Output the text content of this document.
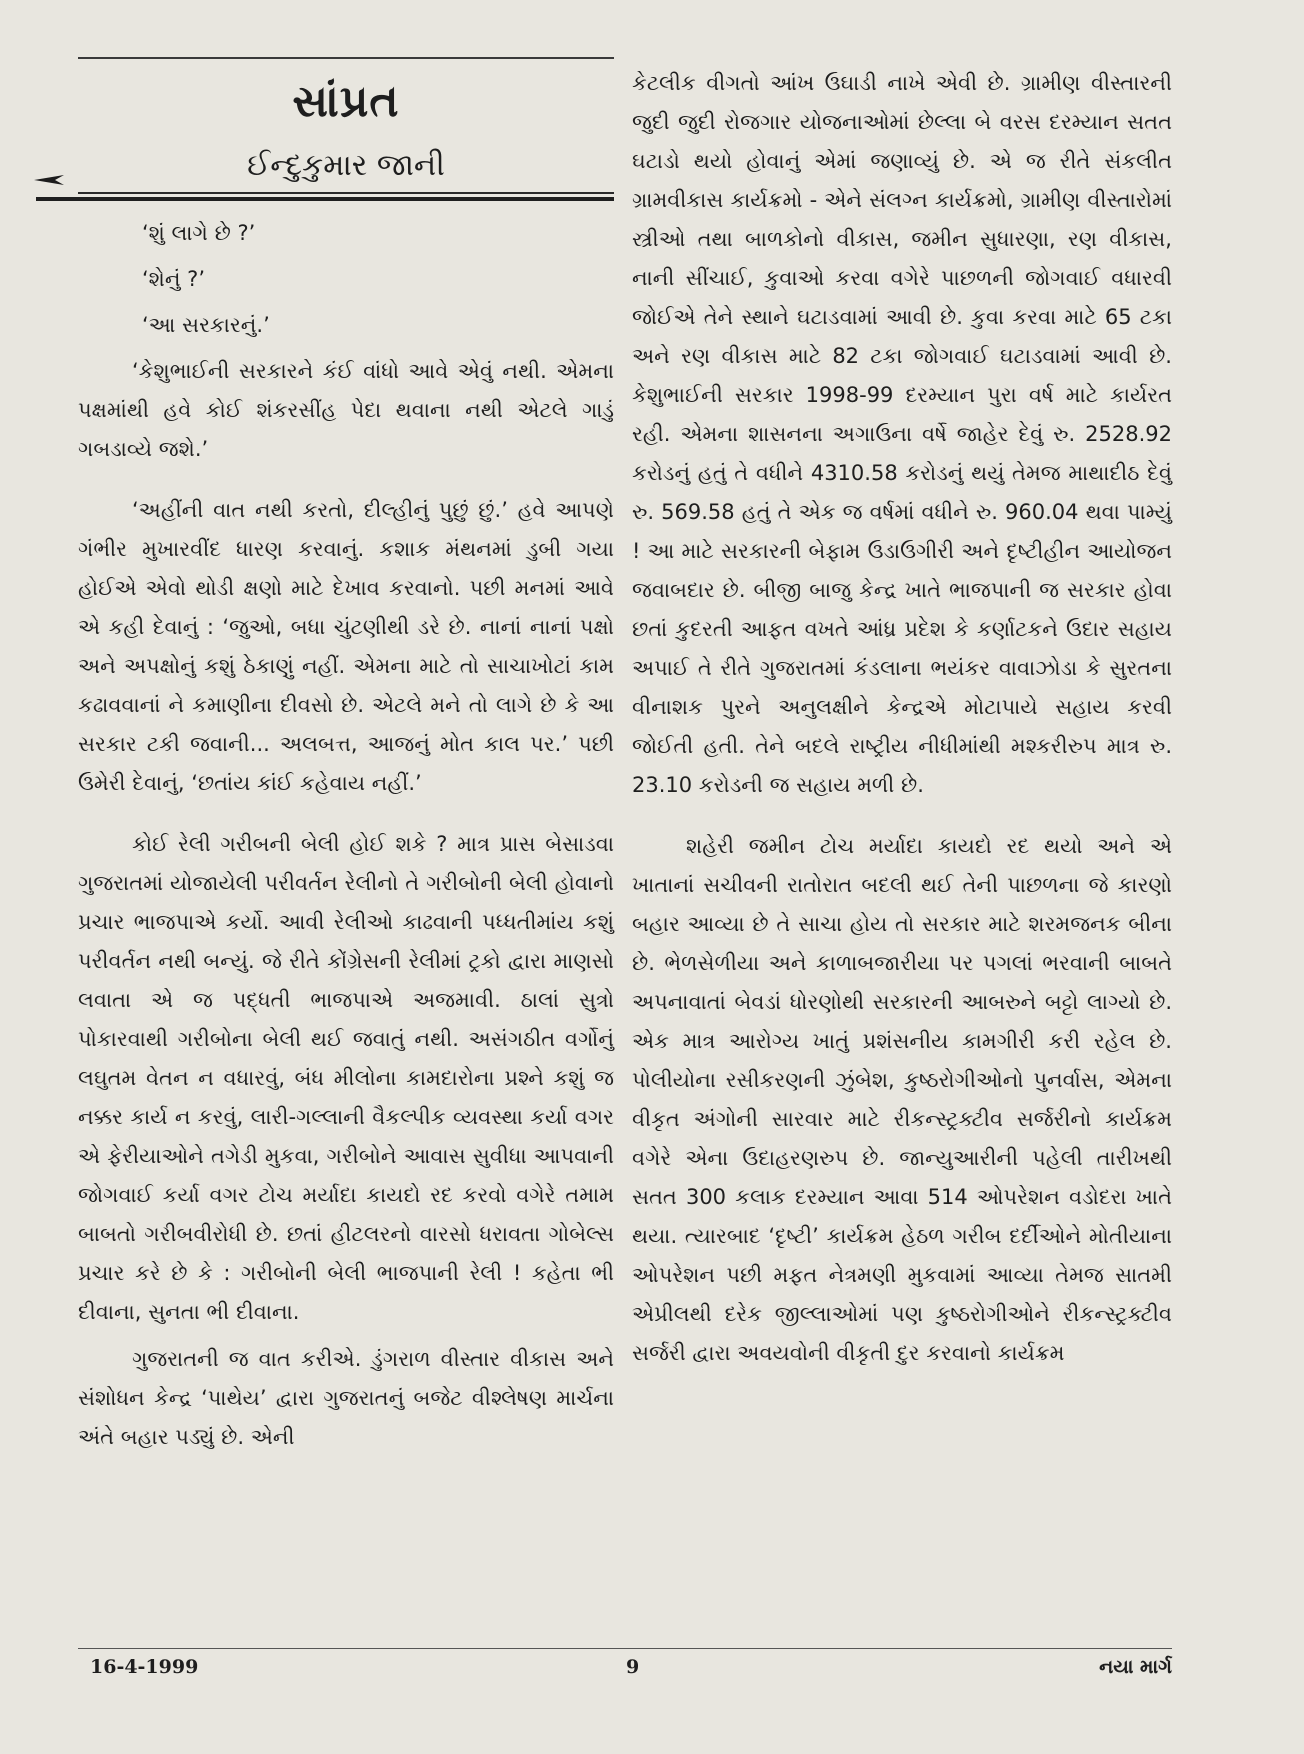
સાંપ્રત
ઈન્દુકુમાર જાની

‘શું લાગે છે ?’

‘શેનું ?’

‘આ સરકારનું.’

‘કેશુભાઈની સરકારને કંઈ વાંધો આવે એવું નથી. એમના પક્ષમાંથી હવે કોઈ શંકરસીંહ પેદા થવાના નથી એટલે ગાડું ગબડાવ્યે જશે.’

‘અહીંની વાત નથી કરતો, દીલ્હીનું પુછું છું.’ હવે આપણે ગંભીર મુખારવીંદ ધારણ કરવાનું. કશાક મંથનમાં ડુબી ગયા હોઈએ એવો થોડી ક્ષણો માટે દેખાવ કરવાનો. પછી મનમાં આવે એ કહી દેવાનું : ‘જુઓ, બધા ચુંટણીથી ડરે છે. નાનાં નાનાં પક્ષો અને અપક્ષોનું કશું ઠેકાણું નહીં. એમના માટે તો સાચાખોટાં કામ કઢાવવાનાં ને કમાણીના દીવસો છે. એટલે મને તો લાગે છે કે આ સરકાર ટકી જવાની... અલબત્ત, આજનું મોત કાલ પર.’ પછી ઉમેરી દેવાનું, ‘છતાંય કાંઈ કહેવાય નહીં.’

કોઈ રેલી ગરીબની બેલી હોઈ શકે ? માત્ર પ્રાસ બેસાડવા ગુજરાતમાં યોજાયેલી પરીવર્તન રેલીનો તે ગરીબોની બેલી હોવાનો પ્રચાર ભાજપાએ કર્યો. આવી રેલીઓ કાઢવાની પધ્ધતીમાંય કશું પરીવર્તન નથી બન્યું. જે રીતે કોંગ્રેસની રેલીમાં ટ્રકો દ્વારા માણસો લવાતા એ જ પદ્ધતી ભાજપાએ અજમાવી. ઠાલાં સુત્રો પોકારવાથી ગરીબોના બેલી થઈ જવાતું નથી. અસંગઠીત વર્ગોનું લઘુતમ વેતન ન વધારવું, બંધ મીલોના કામદારોના પ્રશ્ને કશું જ નક્કર કાર્ય ન કરવું, લારી-ગલ્લાની વૈકલ્પીક વ્યવસ્થા કર્યા વગર એ ફેરીયાઓને તગેડી મુકવા, ગરીબોને આવાસ સુવીધા આપવાની જોગવાઈ કર્યા વગર ટોચ મર્યાદા કાયદો રદ કરવો વગેરે તમામ બાબતો ગરીબવીરોધી છે. છતાં હીટલરનો વારસો ધરાવતા ગોબેલ્સ પ્રચાર કરે છે કે : ગરીબોની બેલી ભાજપાની રેલી ! કહેતા ભી દીવાના, સુનતા ભી દીવાના.

ગુજરાતની જ વાત કરીએ. ડુંગરાળ વીસ્તાર વીકાસ અને સંશોધન કેન્દ્ર ‘પાથેય’ દ્વારા ગુજરાતનું બજેટ વીશ્લેષણ માર્ચના અંતે બહાર પડ્યું છે. એની

કેટલીક વીગતો આંખ ઉઘાડી નાખે એવી છે. ગ્રામીણ વીસ્તારની જુદી જુદી રોજગાર યોજનાઓમાં છેલ્લા બે વરસ દરમ્યાન સતત ઘટાડો થયો હોવાનું એમાં જણાવ્યું છે. એ જ રીતે સંકલીત ગ્રામવીકાસ કાર્યક્રમો - એને સંલગ્ન કાર્યક્રમો, ગ્રામીણ વીસ્તારોમાં સ્ત્રીઓ તથા બાળકોનો વીકાસ, જમીન સુધારણા, રણ વીકાસ, નાની સીંચાઈ, કુવાઓ કરવા વગેરે પાછળની જોગવાઈ વધારવી જોઈએ તેને સ્થાને ઘટાડવામાં આવી છે. કુવા કરવા માટે 65 ટકા અને રણ વીકાસ માટે 82 ટકા જોગવાઈ ઘટાડવામાં આવી છે. કેશુભાઈની સરકાર 1998-99 દરમ્યાન પુરા વર્ષ માટે કાર્યરત રહી. એમના શાસનના અગાઉના વર્ષે જાહેર દેવું રુ. 2528.92 કરોડનું હતું તે વધીને 4310.58 કરોડનું થયું તેમજ માથાદીઠ દેવું રુ. 569.58 હતું તે એક જ વર્ષમાં વધીને રુ. 960.04 થવા પામ્યું ! આ માટે સરકારની બેફામ ઉડાઉગીરી અને દૃષ્ટીહીન આયોજન જવાબદાર છે. બીજી બાજુ કેન્દ્ર ખાતે ભાજપાની જ સરકાર હોવા છતાં કુદરતી આફત વખતે આંધ્ર પ્રદેશ કે કર્ણાટકને ઉદાર સહાય અપાઈ તે રીતે ગુજરાતમાં કંડલાના ભયંકર વાવાઝોડા કે સુરતના વીનાશક પુરને અનુલક્ષીને કેન્દ્રએ મોટાપાયે સહાય કરવી જોઈતી હતી. તેને બદલે રાષ્ટ્રીય નીધીમાંથી મશ્કરીરુપ માત્ર રુ. 23.10 કરોડની જ સહાય મળી છે.

શહેરી જમીન ટોચ મર્યાદા કાયદો રદ થયો અને એ ખાતાનાં સચીવની રાતોરાત બદલી થઈ તેની પાછળના જે કારણો બહાર આવ્યા છે તે સાચા હોય તો સરકાર માટે શરમજનક બીના છે. ભેળસેળીયા અને કાળાબજારીયા પર પગલાં ભરવાની બાબતે અપનાવાતાં બેવડાં ધોરણોથી સરકારની આબરુને બટ્ટો લાગ્યો છે. એક માત્ર આરોગ્ય ખાતું પ્રશંસનીય કામગીરી કરી રહેલ છે. પોલીયોના રસીકરણની ઝુંબેશ, કુષ્ઠરોગીઓનો પુનર્વાસ, એમના વીકૃત અંગોની સારવાર માટે રીકન્સ્ટ્રક્ટીવ સર્જરીનો કાર્યક્રમ વગેરે એના ઉદાહરણરુપ છે. જાન્યુઆરીની પહેલી તારીખથી સતત 300 કલાક દરમ્યાન આવા 514 ઓપરેશન વડોદરા ખાતે થયા. ત્યારબાદ ‘દૃષ્ટી’ કાર્યક્રમ હેઠળ ગરીબ દર્દીઓને મોતીયાના ઓપરેશન પછી મફત નેત્રમણી મુકવામાં આવ્યા તેમજ સાતમી એપ્રીલથી દરેક જીલ્લાઓમાં પણ કુષ્ઠરોગીઓને રીકન્સ્ટ્રક્ટીવ સર્જરી દ્વારા અવયવોની વીકૃતી દુર કરવાનો કાર્યક્રમ

16-4-1999	9	નયા માર્ગ
